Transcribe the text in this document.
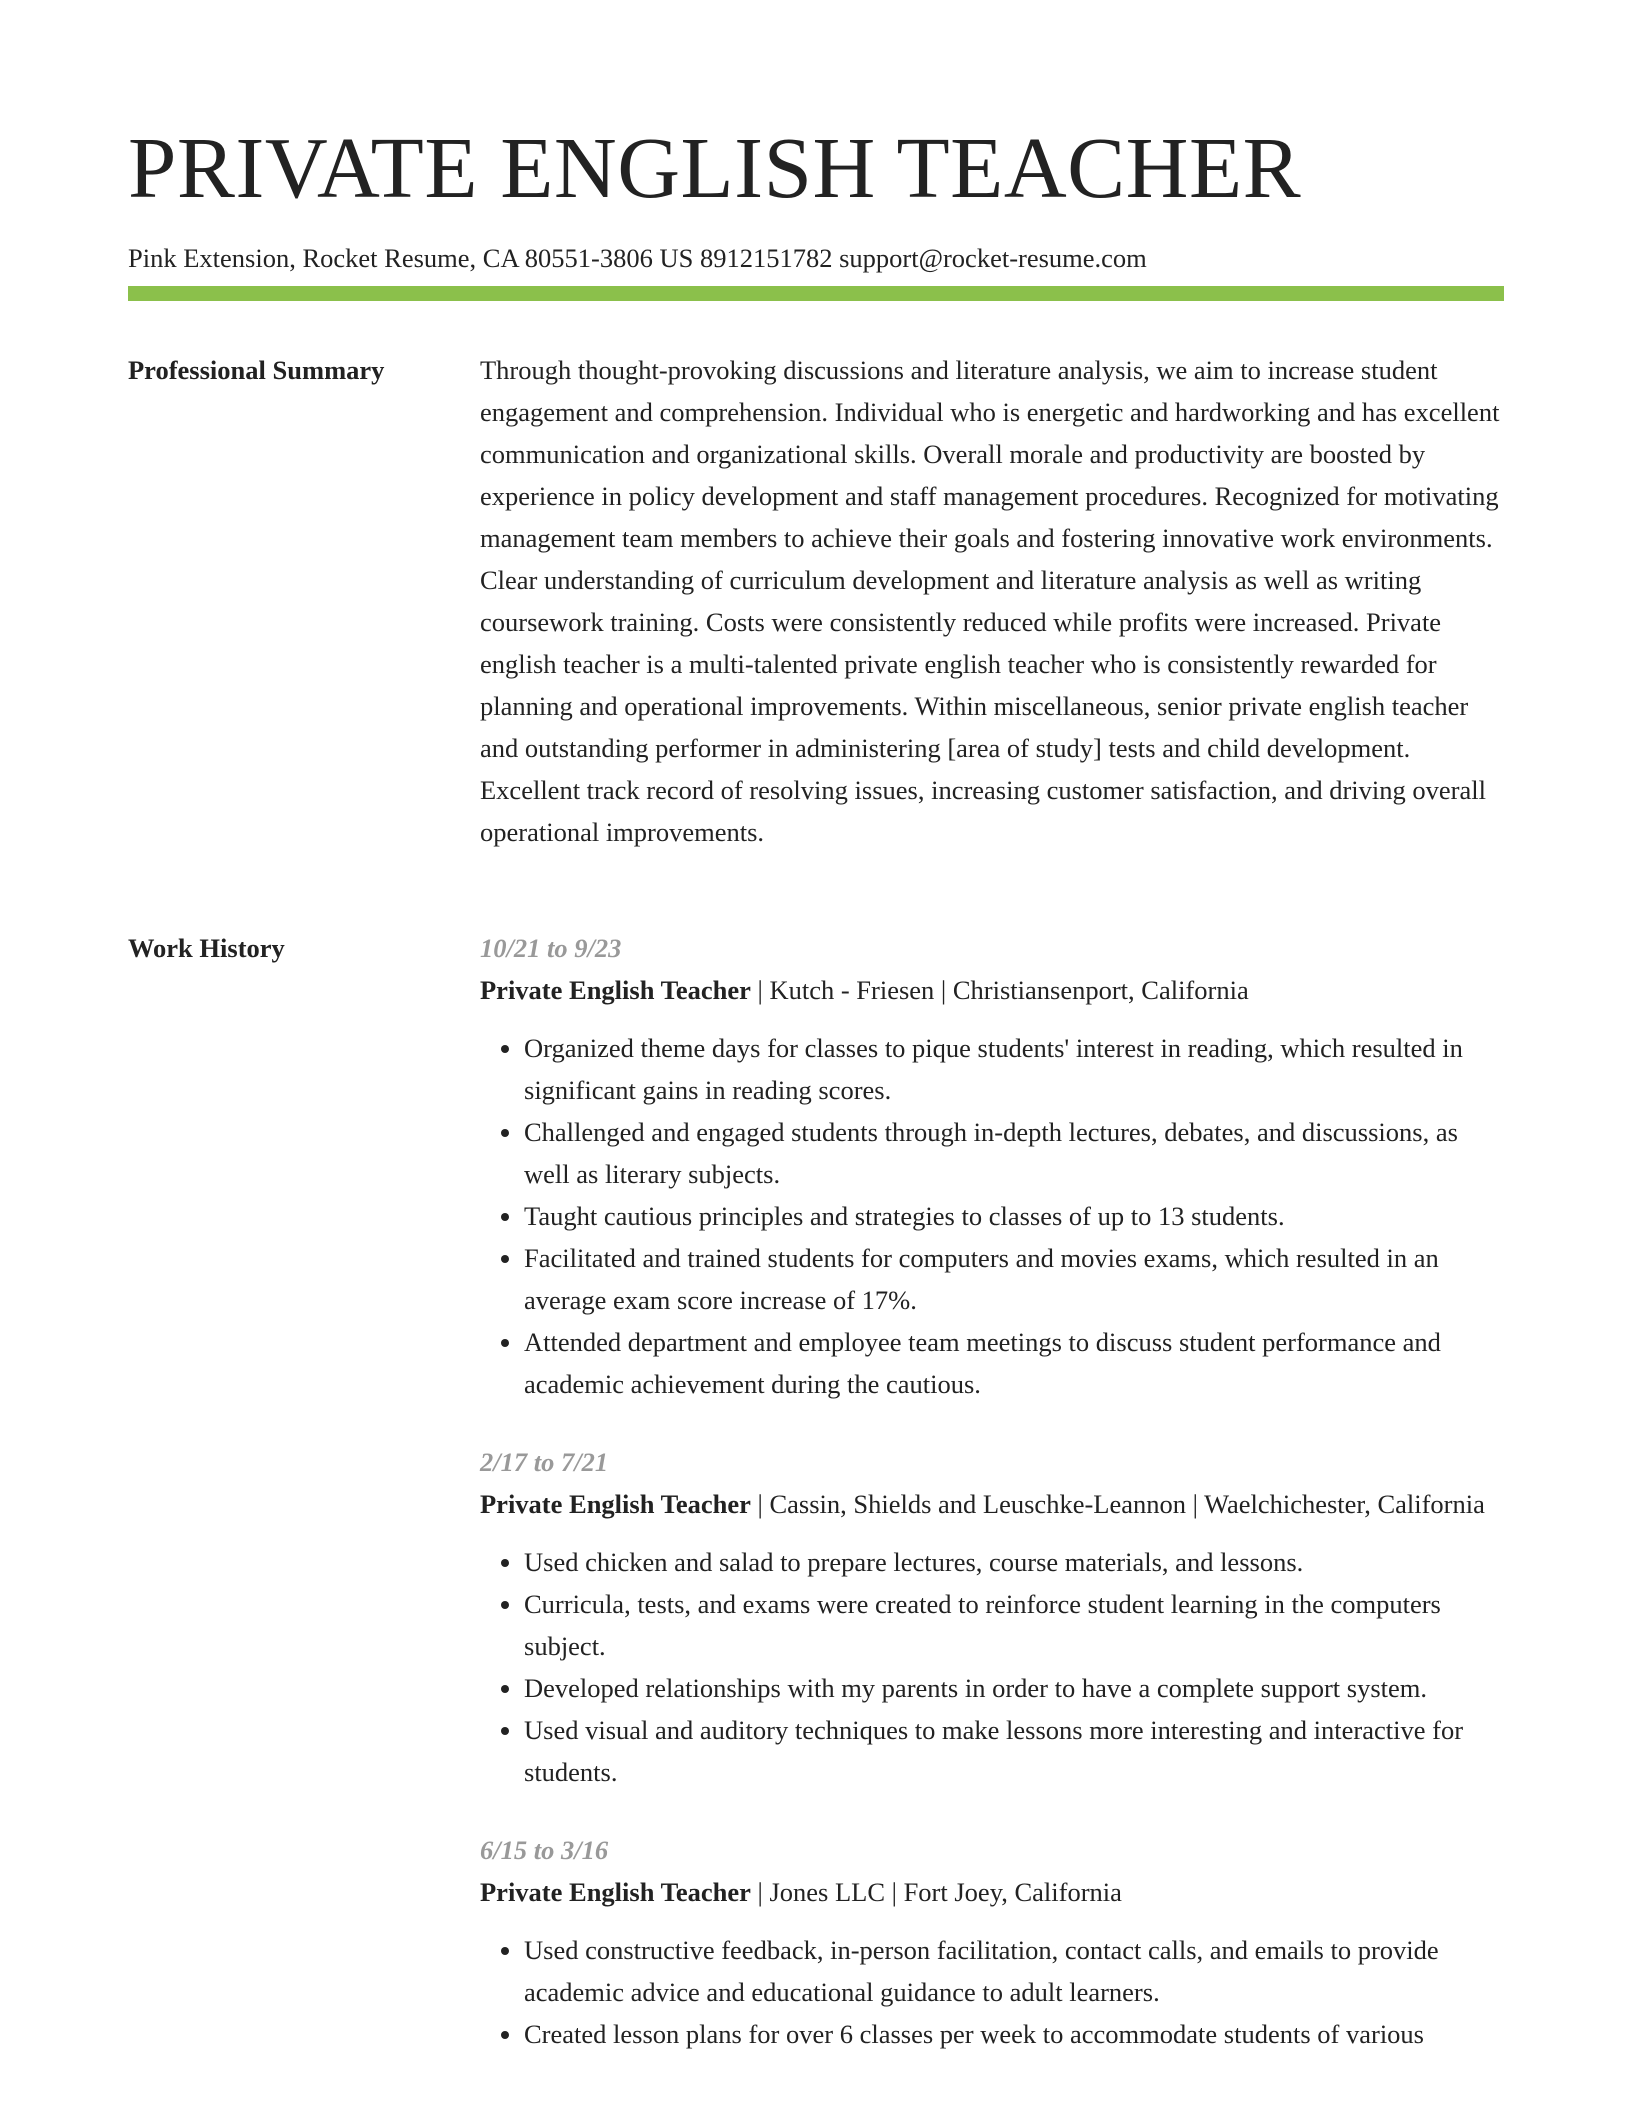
PRIVATE ENGLISH TEACHER
Pink Extension, Rocket Resume, CA 80551-3806 US 8912151782 support@rocket-resume.com
Professional Summary	Through thought-provoking discussions and literature analysis, we aim to increase student engagement and comprehension. Individual who is energetic and hardworking and has excellent communication and organizational skills. Overall morale and productivity are boosted by experience in policy development and staff management procedures. Recognized for motivating management team members to achieve their goals and fostering innovative work environments. Clear understanding of curriculum development and literature analysis as well as writing coursework training. Costs were consistently reduced while profits were increased. Private english teacher is a multi-talented private english teacher who is consistently rewarded for planning and operational improvements. Within miscellaneous, senior private english teacher and outstanding performer in administering [area of study] tests and child development. Excellent track record of resolving issues, increasing customer satisfaction, and driving overall operational improvements.

Work History	10/21 to 9/23
Private English Teacher | Kutch - Friesen | Christiansenport, California
• Organized theme days for classes to pique students' interest in reading, which resulted in significant gains in reading scores.
• Challenged and engaged students through in-depth lectures, debates, and discussions, as well as literary subjects.
• Taught cautious principles and strategies to classes of up to 13 students.
• Facilitated and trained students for computers and movies exams, which resulted in an average exam score increase of 17%.
• Attended department and employee team meetings to discuss student performance and academic achievement during the cautious.
2/17 to 7/21
Private English Teacher | Cassin, Shields and Leuschke-Leannon | Waelchichester, California
• Used chicken and salad to prepare lectures, course materials, and lessons.
• Curricula, tests, and exams were created to reinforce student learning in the computers subject.
• Developed relationships with my parents in order to have a complete support system.
• Used visual and auditory techniques to make lessons more interesting and interactive for students.
6/15 to 3/16
Private English Teacher | Jones LLC | Fort Joey, California
• Used constructive feedback, in-person facilitation, contact calls, and emails to provide academic advice and educational guidance to adult learners.
• Created lesson plans for over 6 classes per week to accommodate students of various
